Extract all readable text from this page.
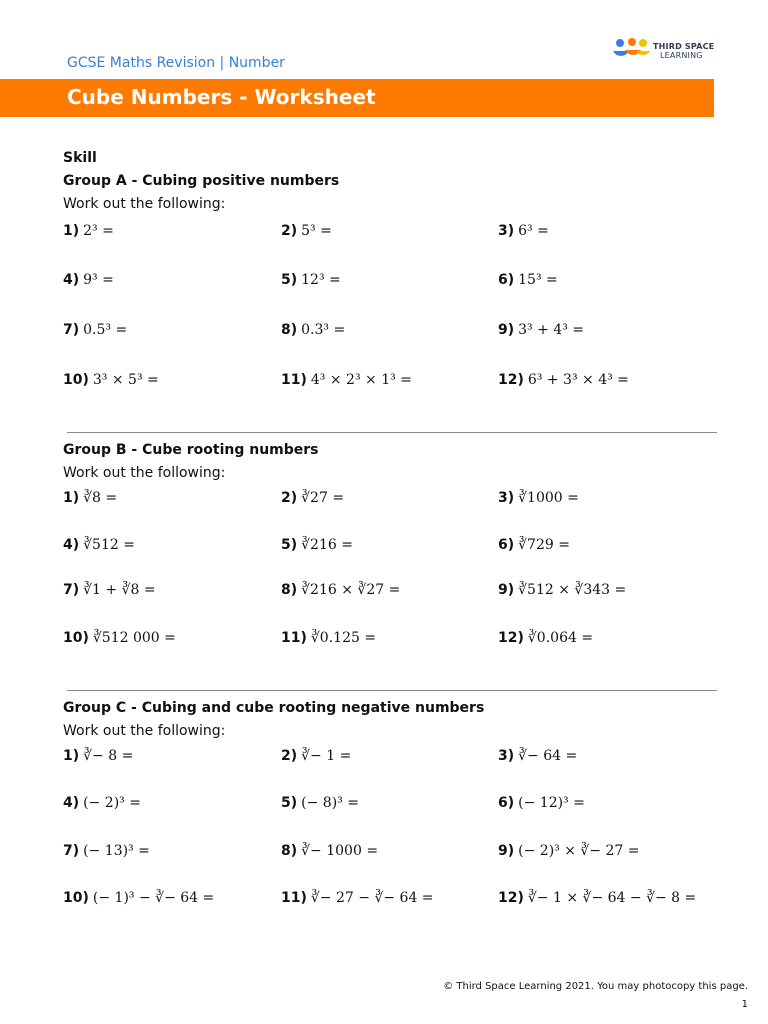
GCSE Maths Revision | Number
THIRD SPACE
LEARNING
Cube Numbers - Worksheet
Skill
Group A - Cubing positive numbers
Work out the following:
1) 2³ =	2) 5³ =	3) 6³ =
4) 9³ =	5) 12³ =	6) 15³ =
7) 0.5³ =	8) 0.3³ =	9) 3³ + 4³ =
10) 3³ × 5³ =	11) 4³ × 2³ × 1³ =	12) 6³ + 3³ × 4³ =
Group B - Cube rooting numbers
Work out the following:
1) ∛8 =	2) ∛27 =	3) ∛1000 =
4) ∛512 =	5) ∛216 =	6) ∛729 =
7) ∛1 + ∛8 =	8) ∛216 × ∛27 =	9) ∛512 × ∛343 =
10) ∛512 000 =	11) ∛0.125 =	12) ∛0.064 =
Group C - Cubing and cube rooting negative numbers
Work out the following:
1) ∛− 8 =	2) ∛− 1 =	3) ∛− 64 =
4) (− 2)³ =	5) (− 8)³ =	6) (− 12)³ =
7) (− 13)³ =	8) ∛− 1000 =	9) (− 2)³ × ∛− 27 =
10) (− 1)³ − ∛− 64 =	11) ∛− 27 − ∛− 64 =	12) ∛− 1 × ∛− 64 − ∛− 8 =
© Third Space Learning 2021. You may photocopy this page.
1
